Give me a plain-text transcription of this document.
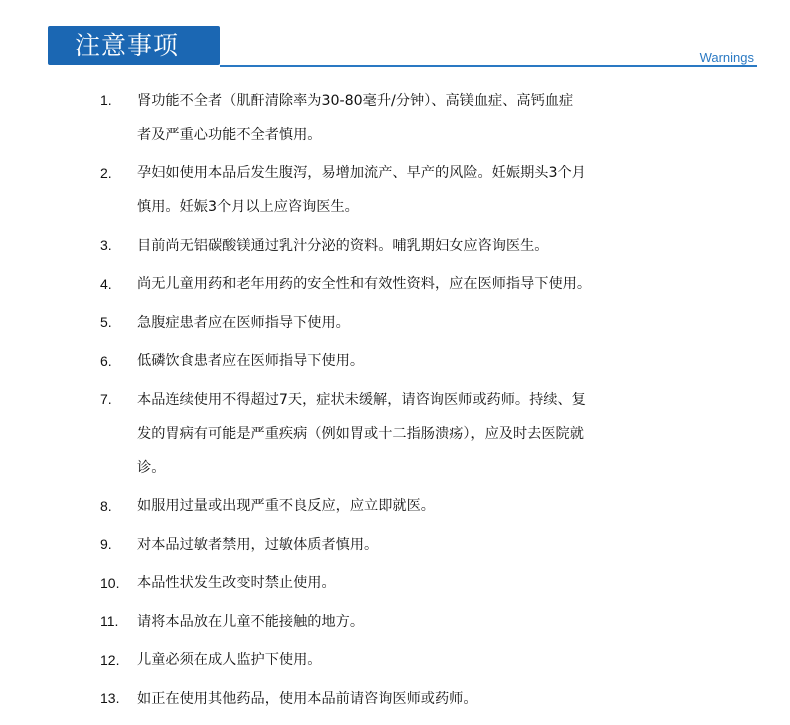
注意事项	Warnings
1.	肾功能不全者（肌酐清除率为30-80毫升/分钟）、高镁血症、高钙血症
者及严重心功能不全者慎用。
2.	孕妇如使用本品后发生腹泻，易增加流产、早产的风险。妊娠期头3个月
慎用。妊娠3个月以上应咨询医生。
3.	目前尚无铝碳酸镁通过乳汁分泌的资料。哺乳期妇女应咨询医生。
4.	尚无儿童用药和老年用药的安全性和有效性资料，应在医师指导下使用。
5.	急腹症患者应在医师指导下使用。
6.	低磷饮食患者应在医师指导下使用。
7.	本品连续使用不得超过7天，症状未缓解，请咨询医师或药师。持续、复
发的胃病有可能是严重疾病（例如胃或十二指肠溃疡），应及时去医院就
诊。
8.	如服用过量或出现严重不良反应，应立即就医。
9.	对本品过敏者禁用，过敏体质者慎用。
10.	本品性状发生改变时禁止使用。
11.	请将本品放在儿童不能接触的地方。
12.	儿童必须在成人监护下使用。
13.	如正在使用其他药品，使用本品前请咨询医师或药师。
